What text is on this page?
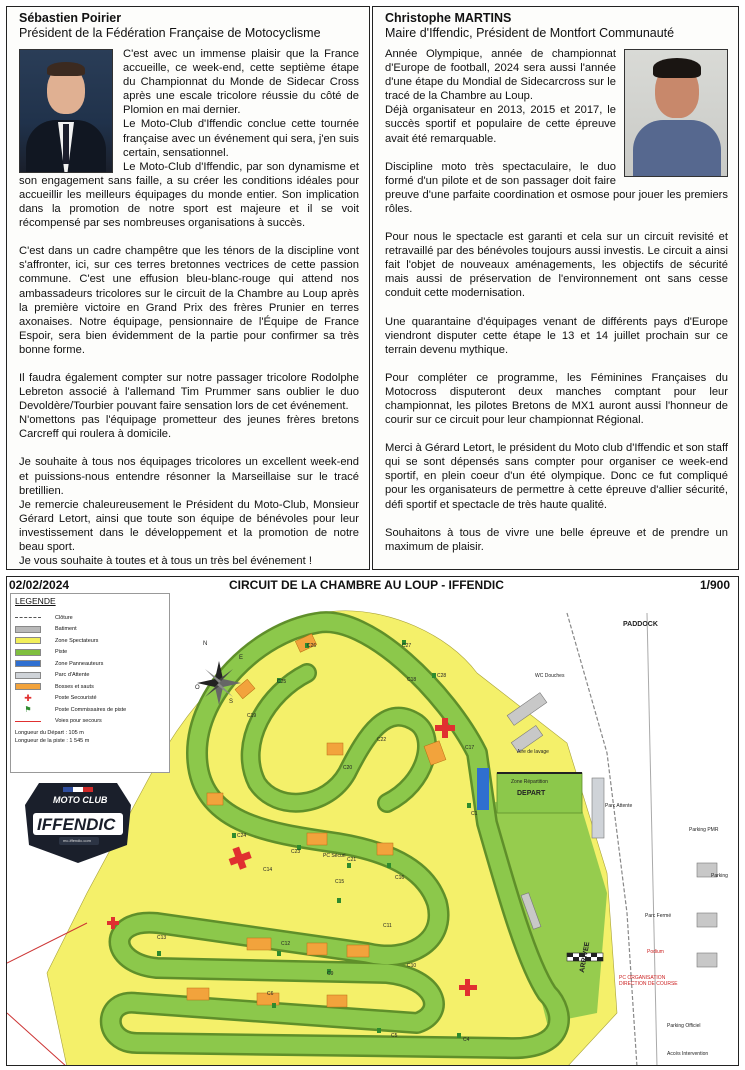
Sébastien Poirier
Président de la Fédération Française de Motocyclisme

C'est avec un immense plaisir que la France accueille, ce week-end, cette septième étape du Championnat du Monde de Sidecar Cross après une escale tricolore réussie du côté de Plomion en mai dernier.

Le Moto-Club d'Iffendic conclue cette tournée française avec un événement qui sera, j'en suis certain, sensationnel.

Le Moto-Club d'Iffendic, par son dynamisme et son engagement sans faille, a su créer les conditions idéales pour accueillir les meilleurs équipages du monde entier. Son implication dans la promotion de notre sport est majeure et il se voit récompensé par ses nombreuses organisations à succès.

C'est dans un cadre champêtre que les ténors de la discipline vont s'affronter, ici, sur ces terres bretonnes vectrices de cette passion commune. C'est une effusion bleu-blanc-rouge qui attend nos ambassadeurs tricolores sur le circuit de la Chambre au Loup après la première victoire en Grand Prix des frères Prunier en terres axonaises. Notre équipage, pensionnaire de l'Équipe de France Espoir, sera bien évidemment de la partie pour confirmer sa très bonne forme.

Il faudra également compter sur notre passager tricolore Rodolphe Lebreton associé à l'allemand Tim Prummer sans oublier le duo Devoldère/Tourbier pouvant faire sensation lors de cet événement.

N'omettons pas l'équipage prometteur des jeunes frères bretons Carcreff qui roulera à domicile.

Je souhaite à tous nos équipages tricolores un excellent week-end et puissions-nous entendre résonner la Marseillaise sur le tracé bretillien.

Je remercie chaleureusement le Président du Moto-Club, Monsieur Gérard Letort, ainsi que toute son équipe de bénévoles pour leur investissement dans le développement et la promotion de notre beau sport.

Je vous souhaite à toutes et à tous un très bel événement !

Christophe MARTINS
Maire d'Iffendic, Président de Montfort Communauté

Année Olympique, année de championnat d'Europe de football, 2024 sera aussi l'année d'une étape du Mondial de Sidecarcross sur le tracé de la Chambre au Loup.

Déjà organisateur en 2013, 2015 et 2017, le succès sportif et populaire de cette épreuve avait été remarquable.

Discipline moto très spectaculaire, le duo formé d'un pilote et de son passager doit faire preuve d'une parfaite coordination et osmose pour jouer les premiers rôles.

Pour nous le spectacle est garanti et cela sur un circuit revisité et retravaillé par des bénévoles toujours aussi investis. Le circuit a ainsi fait l'objet de nouveaux aménagements, les objectifs de sécurité mais aussi de préservation de l'environnement ont sans cesse conduit cette modernisation.

Une quarantaine d'équipages venant de différents pays d'Europe viendront disputer cette étape le 13 et 14 juillet prochain sur ce terrain devenu mythique.

Pour compléter ce programme, les Féminines Françaises du Motocross disputeront deux manches comptant pour leur championnat, les pilotes Bretons de MX1 auront aussi l'honneur de courir sur ce circuit pour leur championnat Régional.

Merci à Gérard Letort, le président du Moto club d'Iffendic et son staff qui se sont dépensés sans compter pour organiser ce week-end sportif, en plein coeur d'un été olympique. Donc ce fut compliqué pour les organisateurs de permettre à cette épreuve d'allier sécurité, défi sportif et spectacle de très haute qualité.

Souhaitons à tous de vivre une belle épreuve et de prendre un maximum de plaisir.

02/02/2024	CIRCUIT DE LA CHAMBRE AU LOUP - IFFENDIC	1/900
N
E
S
O
LEGENDE
Clôture
Batiment
Zone Spectateurs
Piste
Zone Panneauteurs
Parc d'Attente
Bosses et sauts
✚	Poste Secouristé
⚑	Poste Commissaires de piste
Voies pour secours
Longueur du Départ : 105 m
Longueur de la piste : 1 545 m
MOTO CLUB
IFFENDIC
mc-iffendic.com
PADDOCK
DEPART
Zone Répartition
ARRIVEE
Parking PMR
Parking Officiel
Parc Attente
Parc Fermé
Aire de lavage
WC Douches
PC Sécuri
PC ORGANISATION DIRECTION DE COURSE
Podium
Parking
Accès Intervention
C1
C26	C27
C28
C25	C18
C19
C22
C20
C17
C24
C23
C21
C14
C15
C16
C11
C12
C13
C10
C9
C6
C5
C4
